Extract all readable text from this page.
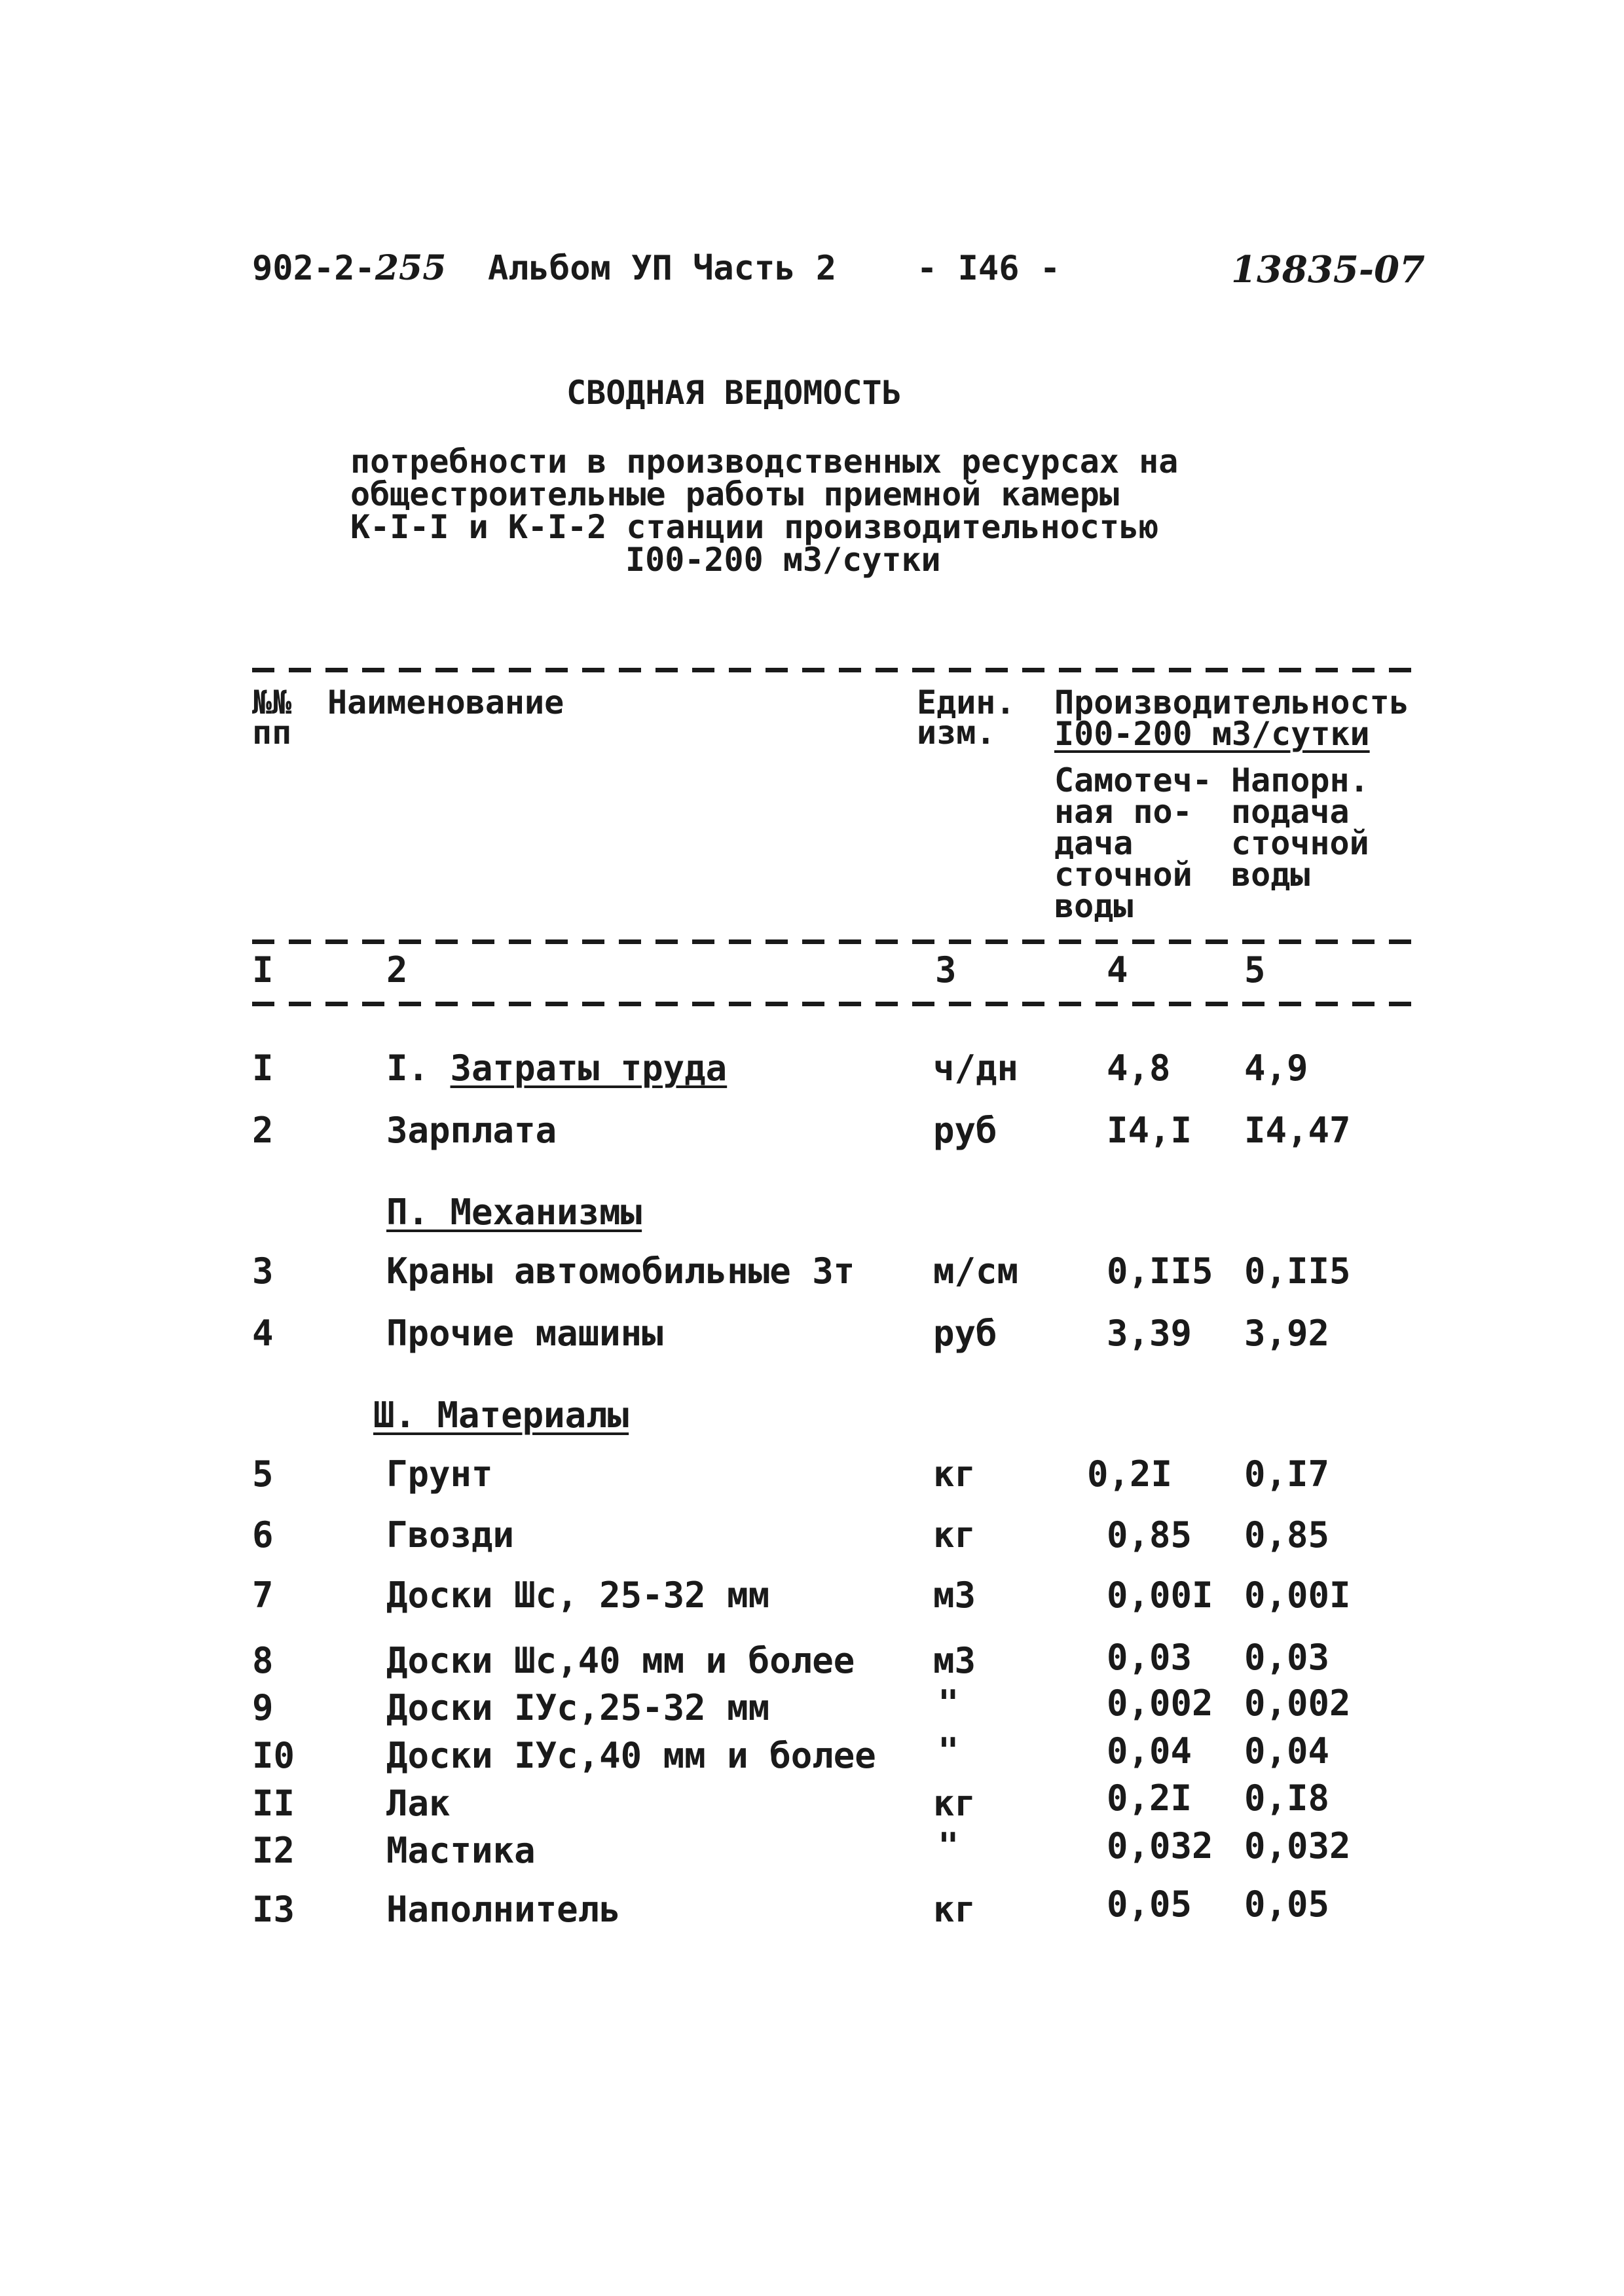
902-2-255 Альбом УП Часть 2 - I46 -	13835-07
СВОДНАЯ ВЕДОМОСТЬ
потребности в производственных ресурсах на
общестроительные работы приемной камеры
К-I-I и К-I-2 станции производительностью
I00-200 м3/сутки
№№
пп
Наименование	Един.
изм.
Производительность
I00-200 м3/сутки
Самотеч-
ная по-
дача
сточной
воды
Напорн.
подача
сточной
воды
I	2	3	4	5
I	I. Затраты труда	ч/дн 4,8 4,9
2	Зарплата	руб	I4,I I4,47
П. Механизмы
3	Краны автомобильные 3т м/см 0,II5 0,II5
4	Прочие машины	руб	3,39 3,92
Ш. Материалы
5	Грунт	кг	0,2I 0,I7
6	Гвозди	кг	0,85 0,85
7	Доски Шс, 25-32 мм	м3	0,00I 0,00I
8	Доски Шс,40 мм и более м3	0,03 0,03
9	Доски IУс,25-32 мм	"	0,002 0,002
I0	Доски IУс,40 мм и более "	0,04 0,04
II	Лак	кг	0,2I 0,I8
I2	Мастика	"	0,032 0,032
I3	Наполнитель	кг	0,05 0,05
